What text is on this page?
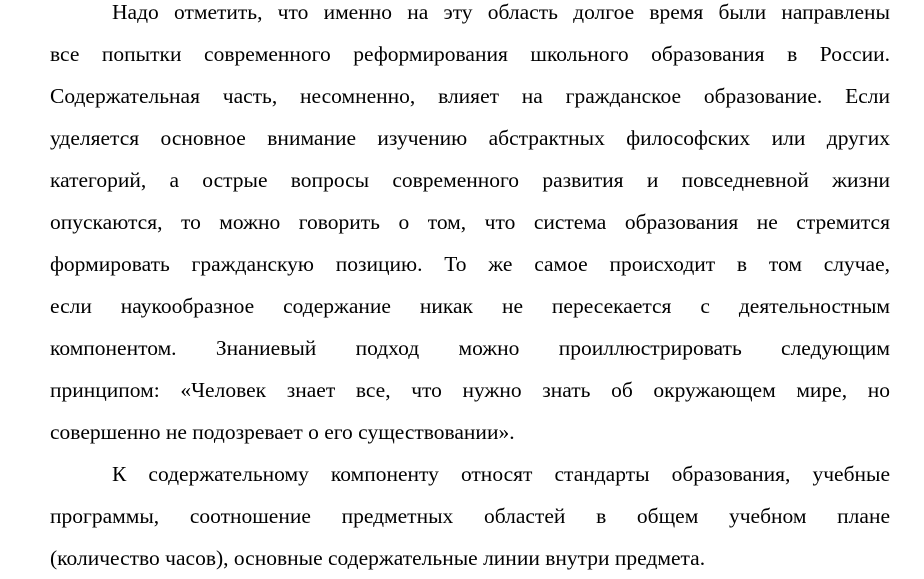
Надо отметить, что именно на эту область долгое время были направлены
все попытки современного реформирования школьного образования в России.
Содержательная часть, несомненно, влияет на гражданское образование. Если
уделяется основное внимание изучению абстрактных философских или других
категорий, а острые вопросы современного развития и повседневной жизни
опускаются, то можно говорить о том, что система образования не стремится
формировать гражданскую позицию. То же самое происходит в том случае,
если наукообразное содержание никак не пересекается с деятельностным
компонентом. Знаниевый подход можно проиллюстрировать следующим
принципом: «Человек знает все, что нужно знать об окружающем мире, но
совершенно не подозревает о его существовании».
К содержательному компоненту относят стандарты образования, учебные
программы, соотношение предметных областей в общем учебном плане
(количество часов), основные содержательные линии внутри предмета.
